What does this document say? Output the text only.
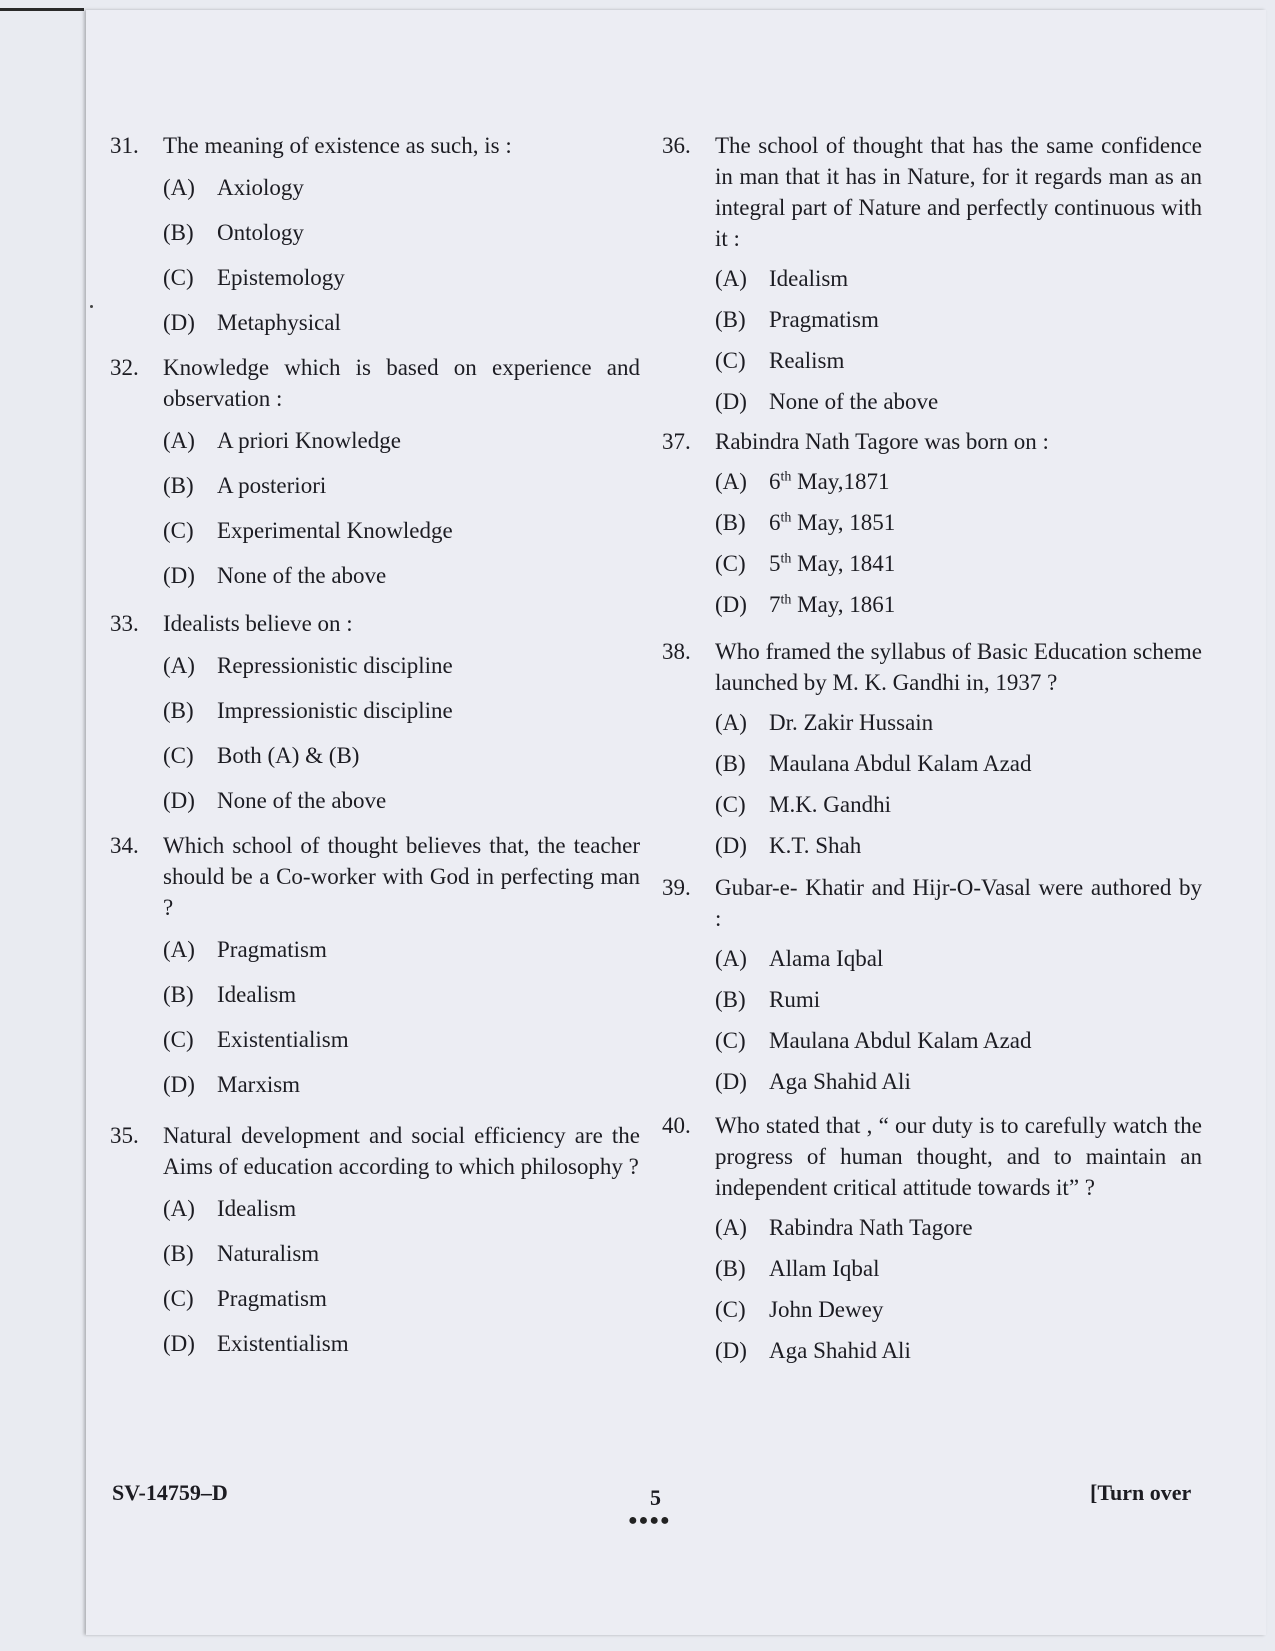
31.	The meaning of existence as such, is :
(A) Axiology
(B)	Ontology
(C)	Epistemology
(D) Metaphysical
32.	Knowledge which is based on experience and observation :
(A) A priori Knowledge
(B)	A posteriori
(C)	Experimental Knowledge
(D) None of the above
33.	Idealists believe on :
(A) Repressionistic discipline
(B)	Impressionistic discipline
(C)	Both (A) & (B)
(D) None of the above
34.	Which school of thought believes that, the teacher should be a Co-worker with God in perfecting man ?
(A) Pragmatism
(B)	Idealism
(C)	Existentialism
(D) Marxism
35.	Natural development and social efficiency are the Aims of education according to which philosophy ?
(A) Idealism
(B)	Naturalism
(C)	Pragmatism
(D) Existentialism
36.	The school of thought that has the same confidence in man that it has in Nature, for it regards man as an integral part of Nature and perfectly continuous with it :
(A) Idealism
(B)	Pragmatism
(C)	Realism
(D) None of the above
37.	Rabindra Nath Tagore was born on :
(A) 6th May,1871
(B)	6th May, 1851
(C)	5th May, 1841
(D) 7th May, 1861
38.	Who framed the syllabus of Basic Education scheme launched by M. K. Gandhi in, 1937 ?
(A) Dr. Zakir Hussain
(B)	Maulana Abdul Kalam Azad
(C)	M.K. Gandhi
(D) K.T. Shah
39.	Gubar-e- Khatir and Hijr-O-Vasal were authored by :
(A) Alama Iqbal
(B)	Rumi
(C)	Maulana Abdul Kalam Azad
(D) Aga Shahid Ali
40.	Who stated that , “ our duty is to carefully watch the progress of human thought, and to maintain an independent critical attitude towards it” ?
(A) Rabindra Nath Tagore
(B)	Allam Iqbal
(C)	John Dewey
(D) Aga Shahid Ali
SV-14759–D	5
●●●●
[Turn over
